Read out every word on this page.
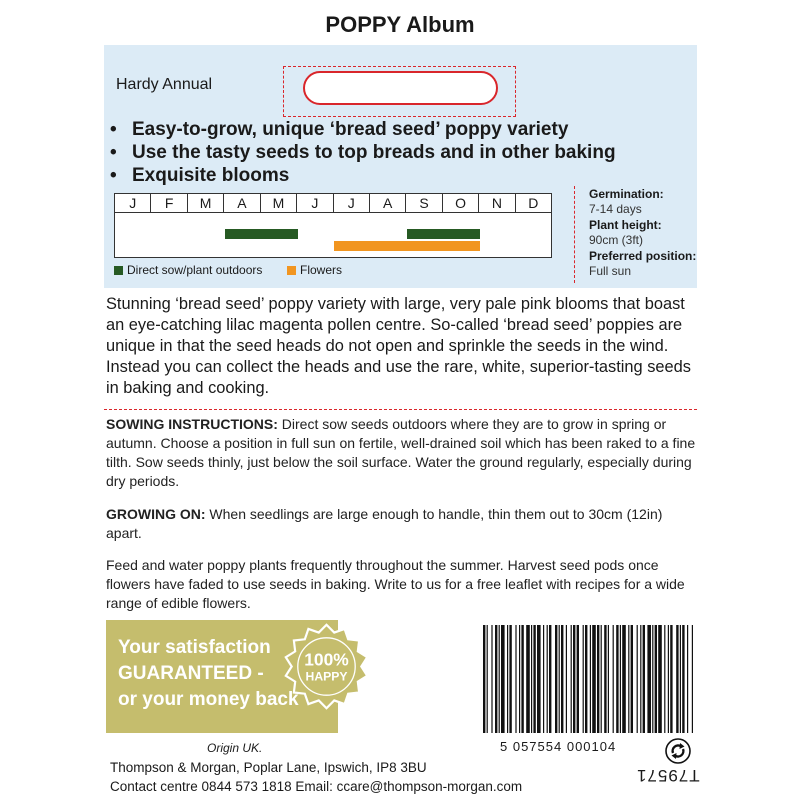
POPPY Album
Hardy Annual
• Easy-to-grow, unique ‘bread seed’ poppy variety
• Use the tasty seeds to top breads and in other baking
• Exquisite blooms
J	F	M	A	M	J	J	A	S	O	N	D
Direct sow/plant outdoors	Flowers
Germination:
7-14 days
Plant height:
90cm (3ft)
Preferred position:
Full sun

Stunning ‘bread seed’ poppy variety with large, very pale pink blooms that boast an eye-catching lilac magenta pollen centre. So-called ‘bread seed’ poppies are unique in that the seed heads do not open and sprinkle the seeds in the wind. Instead you can collect the heads and use the rare, white, superior-tasting seeds in baking and cooking.

SOWING INSTRUCTIONS: Direct sow seeds outdoors where they are to grow in spring or autumn. Choose a position in full sun on fertile, well-drained soil which has been raked to a fine tilth. Sow seeds thinly, just below the soil surface. Water the ground regularly, especially during dry periods.

GROWING ON: When seedlings are large enough to handle, thin them out to 30cm (12in) apart.

Feed and water poppy plants frequently throughout the summer. Harvest seed pods once flowers have faded to use seeds in baking. Write to us for a free leaflet with recipes for a wide range of edible flowers.

Your satisfaction
GUARANTEED -
or your money back
100%
HAPPY
5 057554 000104
T79571
Origin UK.
Thompson & Morgan, Poplar Lane, Ipswich, IP8 3BU
Contact centre 0844 573 1818 Email: ccare@thompson-morgan.com
